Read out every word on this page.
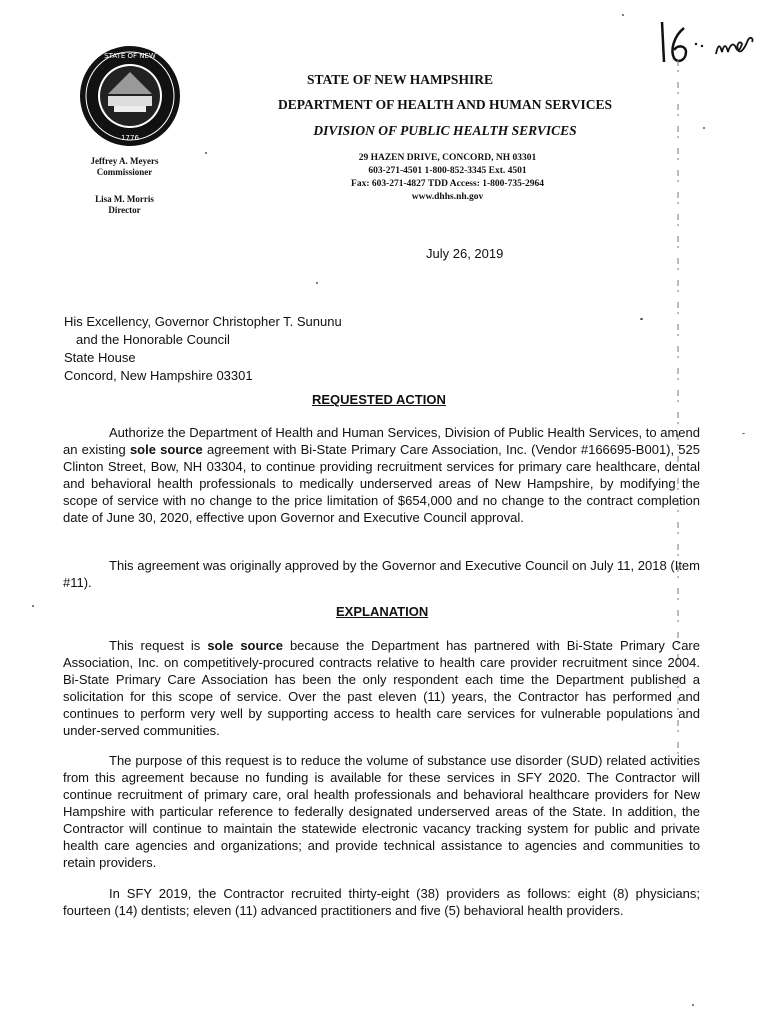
STATE OF NEW
1776
STATE OF NEW HAMPSHIRE
DEPARTMENT OF HEALTH AND HUMAN SERVICES
DIVISION OF PUBLIC HEALTH SERVICES
29 HAZEN DRIVE, CONCORD, NH 03301
603-271-4501 1-800-852-3345 Ext. 4501
Fax: 603-271-4827 TDD Access: 1-800-735-2964
www.dhhs.nh.gov
Jeffrey A. Meyers
Commissioner
Lisa M. Morris
Director
July 26, 2019
His Excellency, Governor Christopher T. Sununu
and the Honorable Council
State House
Concord, New Hampshire 03301
REQUESTED ACTION
Authorize the Department of Health and Human Services, Division of Public Health Services, to amend an existing sole source agreement with Bi-State Primary Care Association, Inc. (Vendor #166695-B001), 525 Clinton Street, Bow, NH 03304, to continue providing recruitment services for primary care healthcare, dental and behavioral health professionals to medically underserved areas of New Hampshire, by modifying the scope of service with no change to the price limitation of $654,000 and no change to the contract completion date of June 30, 2020, effective upon Governor and Executive Council approval.
This agreement was originally approved by the Governor and Executive Council on July 11, 2018 (Item #11).
EXPLANATION
This request is sole source because the Department has partnered with Bi-State Primary Care Association, Inc. on competitively-procured contracts relative to health care provider recruitment since 2004. Bi-State Primary Care Association has been the only respondent each time the Department published a solicitation for this scope of service. Over the past eleven (11) years, the Contractor has performed and continues to perform very well by supporting access to health care services for vulnerable populations and under-served communities.
The purpose of this request is to reduce the volume of substance use disorder (SUD) related activities from this agreement because no funding is available for these services in SFY 2020. The Contractor will continue recruitment of primary care, oral health professionals and behavioral healthcare providers for New Hampshire with particular reference to federally designated underserved areas of the State. In addition, the Contractor will continue to maintain the statewide electronic vacancy tracking system for public and private health care agencies and organizations; and provide technical assistance to agencies and communities to retain providers.
In SFY 2019, the Contractor recruited thirty-eight (38) providers as follows: eight (8) physicians; fourteen (14) dentists; eleven (11) advanced practitioners and five (5) behavioral health providers.
